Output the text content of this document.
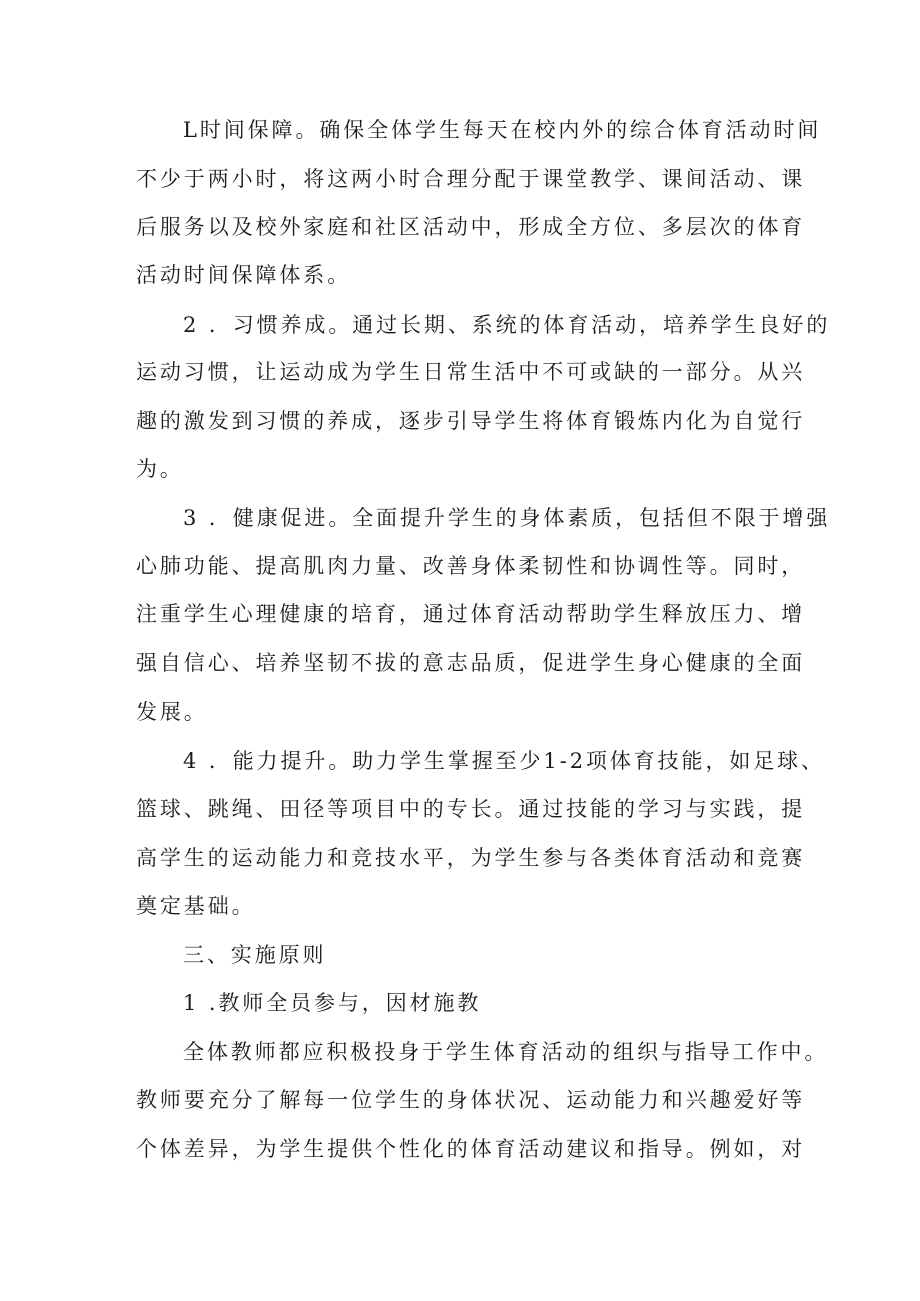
L时间保障。确保全体学生每天在校内外的综合体育活动时间
不少于两小时，将这两小时合理分配于课堂教学、课间活动、课
后服务以及校外家庭和社区活动中，形成全方位、多层次的体育
活动时间保障体系。
2 ．习惯养成。通过长期、系统的体育活动，培养学生良好的
运动习惯，让运动成为学生日常生活中不可或缺的一部分。从兴
趣的激发到习惯的养成，逐步引导学生将体育锻炼内化为自觉行
为。
3 ．健康促进。全面提升学生的身体素质，包括但不限于增强
心肺功能、提高肌肉力量、改善身体柔韧性和协调性等。同时，
注重学生心理健康的培育，通过体育活动帮助学生释放压力、增
强自信心、培养坚韧不拔的意志品质，促进学生身心健康的全面
发展。
4 ．能力提升。助力学生掌握至少1-2项体育技能，如足球、
篮球、跳绳、田径等项目中的专长。通过技能的学习与实践，提
高学生的运动能力和竞技水平，为学生参与各类体育活动和竞赛
奠定基础。
三、实施原则
1 .教师全员参与，因材施教
全体教师都应积极投身于学生体育活动的组织与指导工作中。
教师要充分了解每一位学生的身体状况、运动能力和兴趣爱好等
个体差异，为学生提供个性化的体育活动建议和指导。例如，对
